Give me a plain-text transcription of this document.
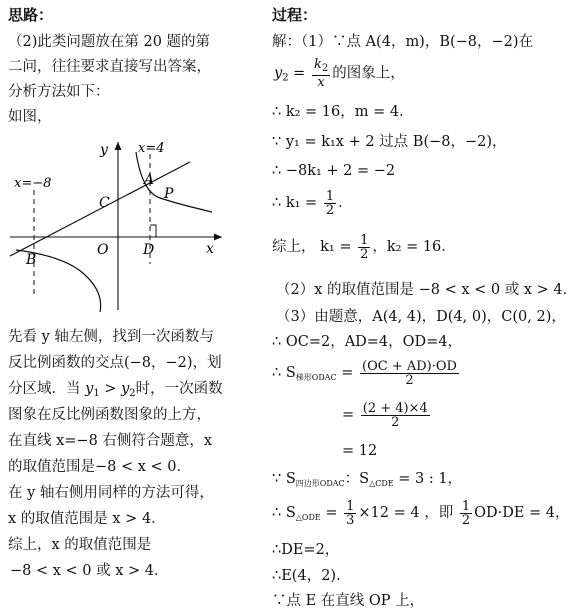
思路：
（2)此类问题放在第 20 题的第
二问，往往要求直接写出答案，
分析方法如下：
如图，
x
y
O
A
B
C
D
P
x=−8
x=4
先看 y 轴左侧，找到一次函数与
反比例函数的交点(−8，−2)，划
分区域．当 $y_1 > y_2$时，一次函数
图象在反比例函数图象的上方，
在直线 x=−8 右侧符合题意，x
的取值范围是−8 < x < 0．
在 y 轴右侧用同样的方法可得，
x 的取值范围是 x > 4．
综上，x 的取值范围是
−8 < x < 0 或 x > 4．
过程：
解：（1）∵点 A(4，m)，B(−8，−2)在
$y_2 = \frac{k_2}{x}$ 的图象上，
∴ k₂ = 16，m = 4．
∵ y₁ = k₁x + 2 过点 B(−8，−2)，
∴ −8k₁ + 2 = −2
∴ $k_1 = \frac{1}{2}$ ．
综上， $k_1 = \frac{1}{2}$ ，k₂ = 16．
（2）x 的取值范围是 −8 < x < 0 或 x > 4．
（3）由题意，A(4, 4)，D(4, 0)，C(0, 2)，
∴ OC=2，AD=4，OD=4，
∴ $S_{梯形ODAC} = \frac{(OC + AD)\cdot OD}{2}$
= $\frac{(2 + 4)\times 4}{2}$
= 12
∵ $S_{四边形ODAC}$：$S_{\triangle CDE} = 3$ : 1，
∴ $S_{\triangle ODE} = \frac{1}{3} \times 12 = 4$ ，即 $\frac{1}{2} OD\cdot DE = 4$，
∴DE=2，
∴E(4，2)．
∵点 E 在直线 OP 上，
